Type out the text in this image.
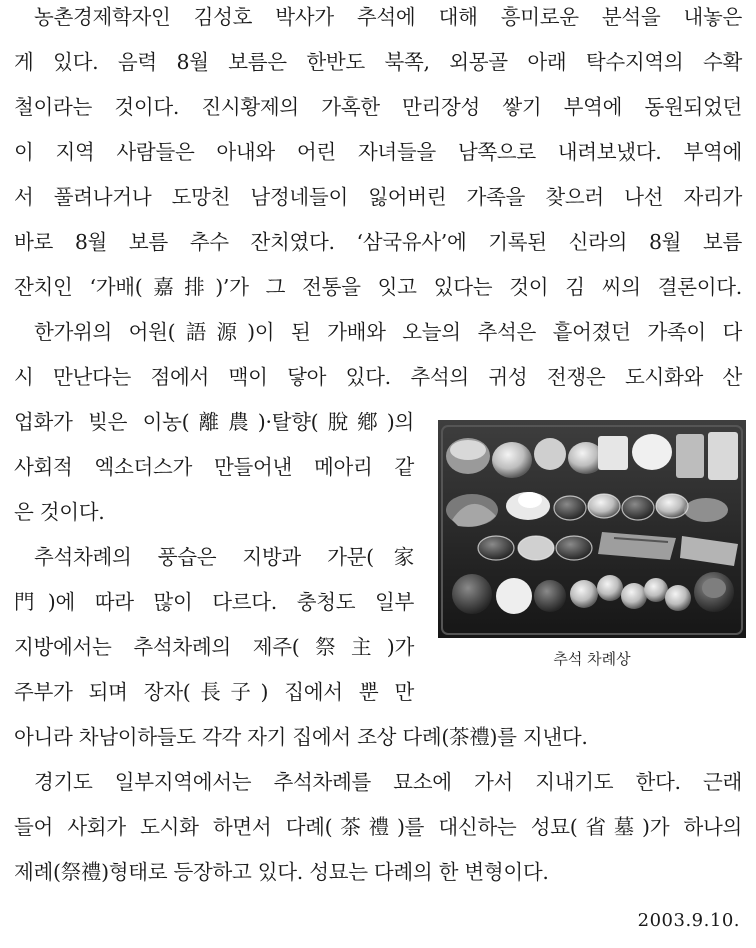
농촌경제학자인 김성호 박사가 추석에 대해 흥미로운 분석을 내놓은
게 있다. 음력 8월 보름은 한반도 북쪽, 외몽골 아래 탁수지역의 수확
철이라는 것이다. 진시황제의 가혹한 만리장성 쌓기 부역에 동원되었던
이 지역 사람들은 아내와 어린 자녀들을 남쪽으로 내려보냈다. 부역에
서 풀려나거나 도망친 남정네들이 잃어버린 가족을 찾으러 나선 자리가
바로 8월 보름 추수 잔치였다. ‘삼국유사’에 기록된 신라의 8월 보름
잔치인 ‘가배(嘉排)’가 그 전통을 잇고 있다는 것이 김 씨의 결론이다.
한가위의 어원(語源)이 된 가배와 오늘의 추석은 흩어졌던 가족이 다
시 만난다는 점에서 맥이 닿아 있다. 추석의 귀성 전쟁은 도시화와 산
업화가 빚은 이농(離農)·탈향(脫鄕)의
사회적 엑소더스가 만들어낸 메아리 같
은 것이다.
추석차례의 풍습은 지방과 가문(家
門)에 따라 많이 다르다. 충청도 일부
지방에서는 추석차례의 제주(祭主)가
주부가 되며 장자(長子) 집에서 뿐 만
아니라 차남이하들도 각각 자기 집에서 조상 다례(茶禮)를 지낸다.
경기도 일부지역에서는 추석차례를 묘소에 가서 지내기도 한다. 근래
들어 사회가 도시화 하면서 다례(茶禮)를 대신하는 성묘(省墓)가 하나의
제례(祭禮)형태로 등장하고 있다. 성묘는 다례의 한 변형이다.
추석 차례상
2003.9.10.
